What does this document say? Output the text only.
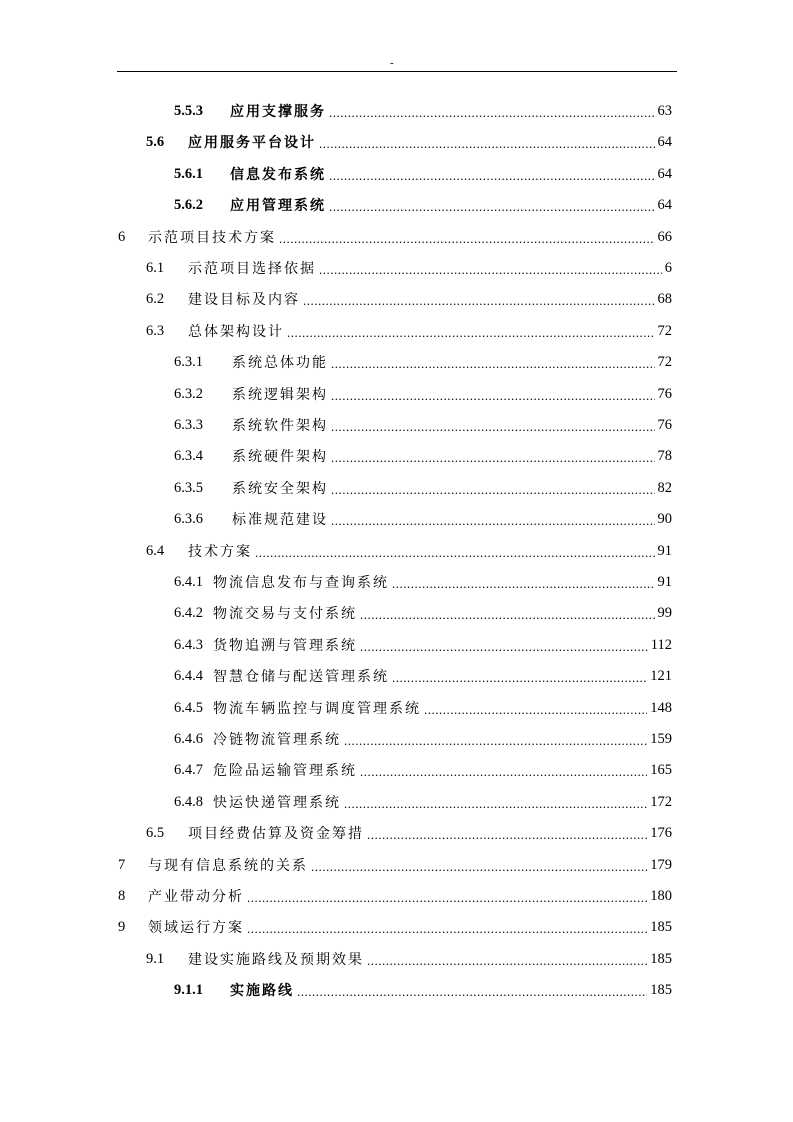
-
5.5.3	应用支撑服务 .....	63
5.6	应用服务平台设计 .....	64
5.6.1	信息发布系统 .....	64
5.6.2	应用管理系统 .....	64
6	示范项目技术方案 .....	66
6.1	示范项目选择依据 .....	6
6.2	建设目标及内容 .....	68
6.3	总体架构设计 .....	72
6.3.1	系统总体功能 .....	72
6.3.2	系统逻辑架构 .....	76
6.3.3	系统软件架构 .....	76
6.3.4	系统硬件架构 .....	78
6.3.5	系统安全架构 .....	82
6.3.6	标准规范建设 .....	90
6.4	技术方案 .....	91
6.4.1 物流信息发布与查询系统 .....	91
6.4.2 物流交易与支付系统 .....	99
6.4.3 货物追溯与管理系统 .....	112
6.4.4 智慧仓储与配送管理系统 .....	121
6.4.5 物流车辆监控与调度管理系统 .....	148
6.4.6 冷链物流管理系统 .....	159
6.4.7 危险品运输管理系统 .....	165
6.4.8 快运快递管理系统 .....	172
6.5	项目经费估算及资金筹措 .....	176
7	与现有信息系统的关系 .....	179
8	产业带动分析 .....	180
9	领域运行方案 .....	185
9.1	建设实施路线及预期效果 .....	185
9.1.1	实施路线 .....	185
